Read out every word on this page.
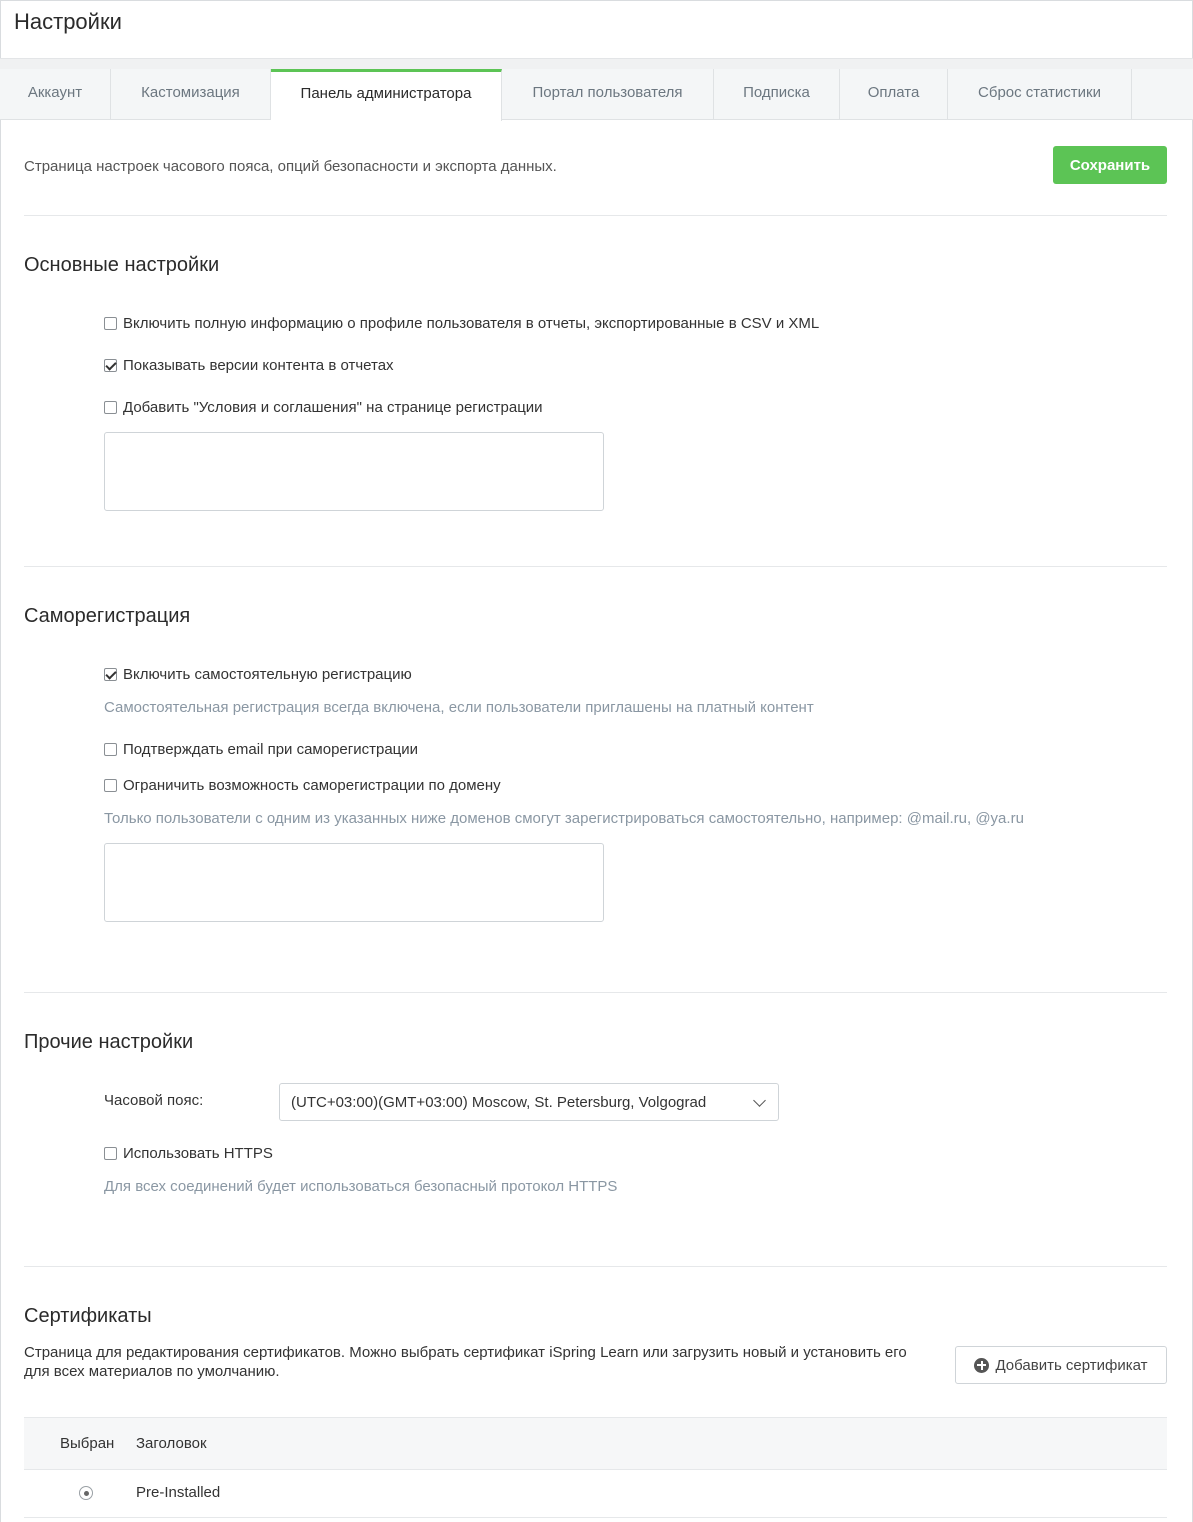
Настройки
Аккаунт	Кастомизация	Панель администратора	Портал пользователя	Подписка	Оплата	Сброс статистики
Страница настроек часового пояса, опций безопасности и экспорта данных.	Сохранить
Основные настройки
Включить полную информацию о профиле пользователя в отчеты, экспортированные в CSV и XML
Показывать версии контента в отчетах
Добавить "Условия и соглашения" на странице регистрации
Саморегистрация
Включить самостоятельную регистрацию
Самостоятельная регистрация всегда включена, если пользователи приглашены на платный контент
Подтверждать email при саморегистрации
Ограничить возможность саморегистрации по домену
Только пользователи с одним из указанных ниже доменов смогут зарегистрироваться самостоятельно, например: @mail.ru, @ya.ru
Прочие настройки
Часовой пояс:	(UTC+03:00)(GMT+03:00) Moscow, St. Petersburg, Volgograd
Использовать HTTPS
Для всех соединений будет использоваться безопасный протокол HTTPS
Сертификаты
Страница для редактирования сертификатов. Можно выбрать сертификат iSpring Learn или загрузить новый и установить его для всех материалов по умолчанию.	Добавить сертификат
Выбран Заголовок
Pre-Installed
